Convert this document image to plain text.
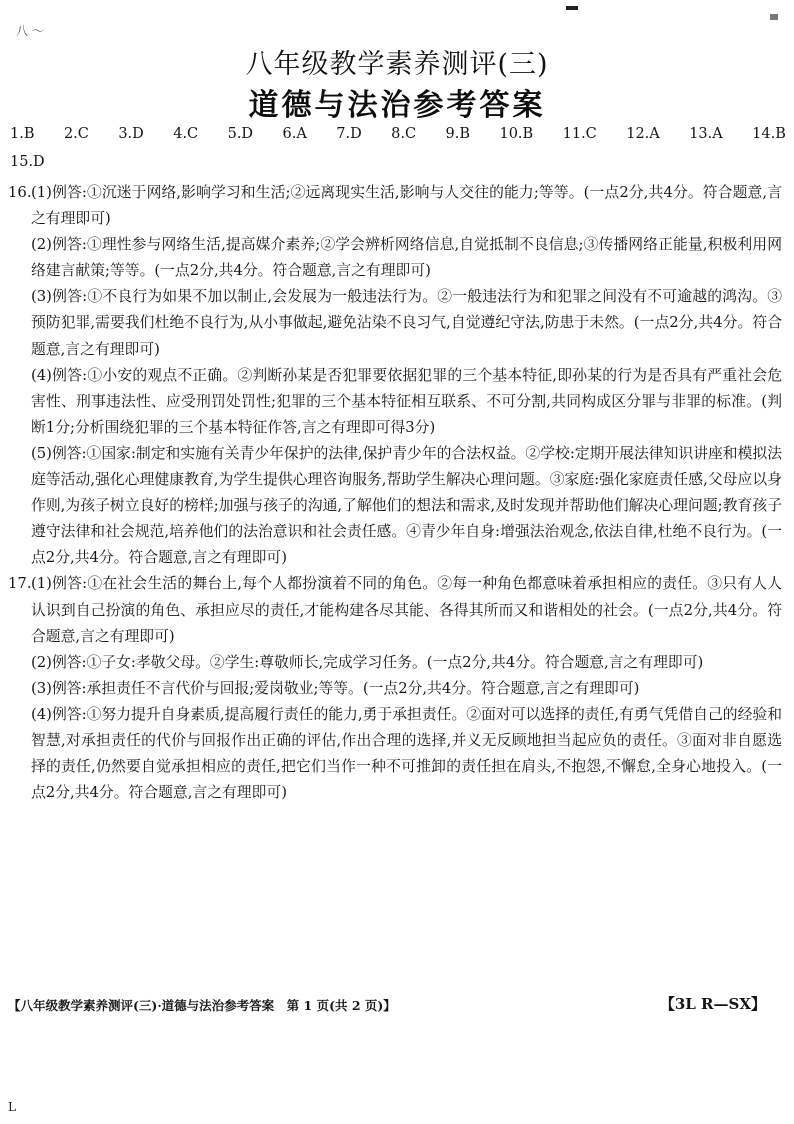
八 ～
八年级教学素养测评(三)
道德与法治参考答案
1.B 2.C 3.D 4.C 5.D 6.A 7.D 8.C 9.B 10.B 11.C 12.A 13.A 14.B
15.D
16. (1)例答:①沉迷于网络,影响学习和生活;②远离现实生活,影响与人交往的能力;等等。(一点2分,共4分。符合题意,言之有理即可)

(2)例答:①理性参与网络生活,提高媒介素养;②学会辨析网络信息,自觉抵制不良信息;③传播网络正能量,积极利用网络建言献策;等等。(一点2分,共4分。符合题意,言之有理即可)

(3)例答:①不良行为如果不加以制止,会发展为一般违法行为。②一般违法行为和犯罪之间没有不可逾越的鸿沟。③预防犯罪,需要我们杜绝不良行为,从小事做起,避免沾染不良习气,自觉遵纪守法,防患于未然。(一点2分,共4分。符合题意,言之有理即可)

(4)例答:①小安的观点不正确。②判断孙某是否犯罪要依据犯罪的三个基本特征,即孙某的行为是否具有严重社会危害性、刑事违法性、应受刑罚处罚性;犯罪的三个基本特征相互联系、不可分割,共同构成区分罪与非罪的标准。(判断1分;分析围绕犯罪的三个基本特征作答,言之有理即可得3分)

(5)例答:①国家:制定和实施有关青少年保护的法律,保护青少年的合法权益。②学校:定期开展法律知识讲座和模拟法庭等活动,强化心理健康教育,为学生提供心理咨询服务,帮助学生解决心理问题。③家庭:强化家庭责任感,父母应以身作则,为孩子树立良好的榜样;加强与孩子的沟通,了解他们的想法和需求,及时发现并帮助他们解决心理问题;教育孩子遵守法律和社会规范,培养他们的法治意识和社会责任感。④青少年自身:增强法治观念,依法自律,杜绝不良行为。(一点2分,共4分。符合题意,言之有理即可)

17. (1)例答:①在社会生活的舞台上,每个人都扮演着不同的角色。②每一种角色都意味着承担相应的责任。③只有人人认识到自己扮演的角色、承担应尽的责任,才能构建各尽其能、各得其所而又和谐相处的社会。(一点2分,共4分。符合题意,言之有理即可)

(2)例答:①子女:孝敬父母。②学生:尊敬师长,完成学习任务。(一点2分,共4分。符合题意,言之有理即可)

(3)例答:承担责任不言代价与回报;爱岗敬业;等等。(一点2分,共4分。符合题意,言之有理即可)

(4)例答:①努力提升自身素质,提高履行责任的能力,勇于承担责任。②面对可以选择的责任,有勇气凭借自己的经验和智慧,对承担责任的代价与回报作出正确的评估,作出合理的选择,并义无反顾地担当起应负的责任。③面对非自愿选择的责任,仍然要自觉承担相应的责任,把它们当作一种不可推卸的责任担在肩头,不抱怨,不懈怠,全身心地投入。(一点2分,共4分。符合题意,言之有理即可)

【八年级教学素养测评(三)·道德与法治参考答案　第 1 页(共 2 页)】	【3L R—SX】
L
